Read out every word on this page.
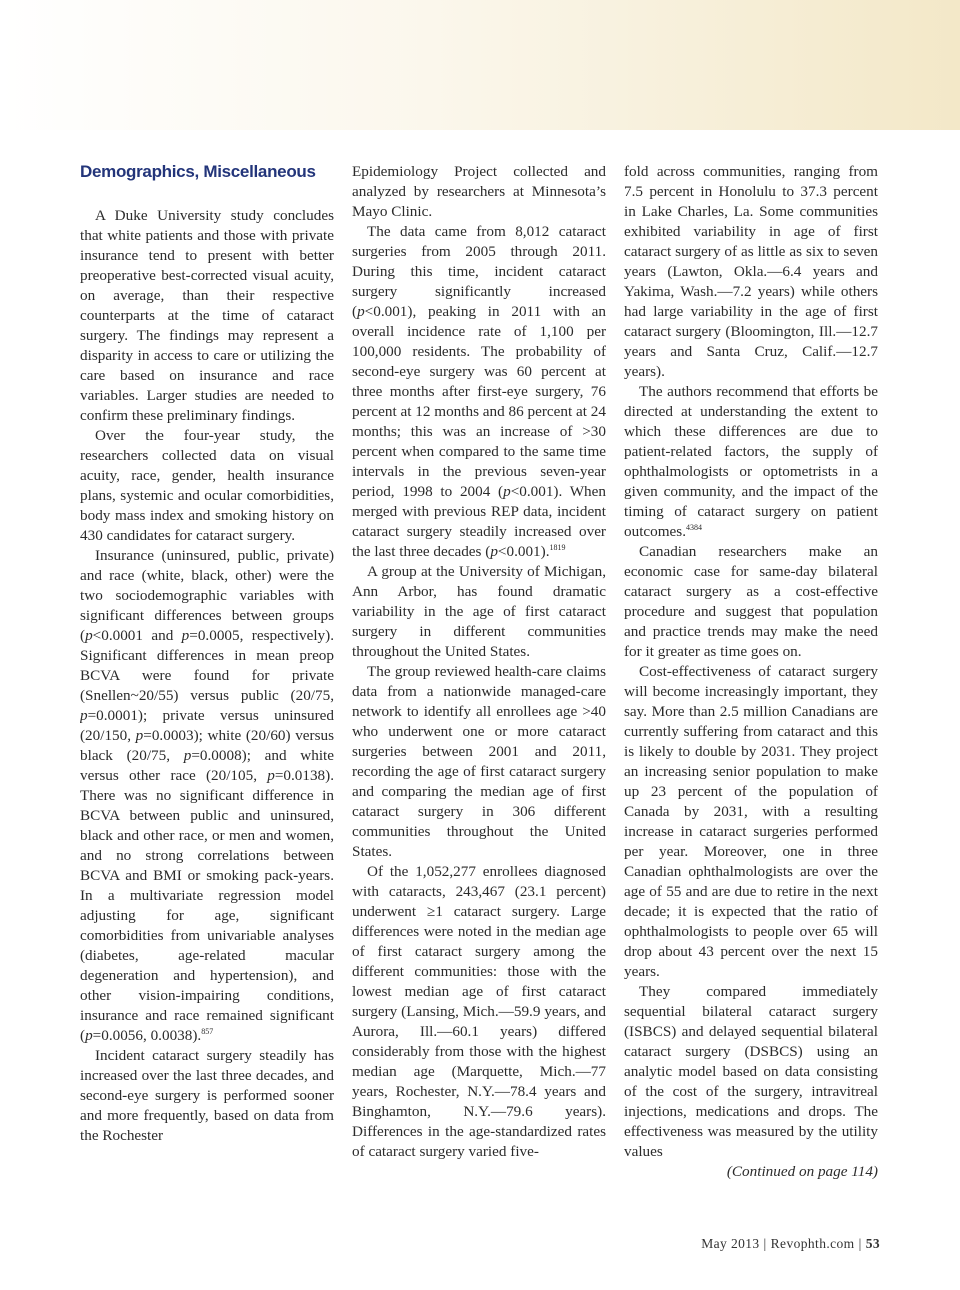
Demographics, Miscellaneous

A Duke University study concludes that white patients and those with private insurance tend to present with better preoperative best-corrected visual acuity, on average, than their respective counterparts at the time of cataract surgery. The findings may represent a disparity in access to care or utilizing the care based on insurance and race variables. Larger studies are needed to confirm these preliminary findings.

Over the four-year study, the researchers collected data on visual acuity, race, gender, health insurance plans, systemic and ocular comorbidities, body mass index and smoking history on 430 candidates for cataract surgery.

Insurance (uninsured, public, private) and race (white, black, other) were the two sociodemographic variables with significant differences between groups (p<0.0001 and p=0.0005, respectively). Significant differences in mean preop BCVA were found for private (Snellen~20/55) versus public (20/75, p=0.0001); private versus uninsured (20/150, p=0.0003); white (20/60) versus black (20/75, p=0.0008); and white versus other race (20/105, p=0.0138). There was no significant difference in BCVA between public and uninsured, black and other race, or men and women, and no strong correlations between BCVA and BMI or smoking pack-years. In a multivariate regression model adjusting for age, significant comorbidities from univariable analyses (diabetes, age-related macular degeneration and hypertension), and other vision-impairing conditions, insurance and race remained significant (p=0.0056, 0.0038).$^{857}$

Incident cataract surgery steadily has increased over the last three decades, and second-eye surgery is performed sooner and more frequently, based on data from the Rochester

Epidemiology Project collected and analyzed by researchers at Minnesota’s Mayo Clinic.

The data came from 8,012 cataract surgeries from 2005 through 2011. During this time, incident cataract surgery significantly increased (p<0.001), peaking in 2011 with an overall incidence rate of 1,100 per 100,000 residents. The probability of second-eye surgery was 60 percent at three months after first-eye surgery, 76 percent at 12 months and 86 percent at 24 months; this was an increase of >30 percent when compared to the same time intervals in the previous seven-year period, 1998 to 2004 (p<0.001). When merged with previous REP data, incident cataract surgery steadily increased over the last three decades (p<0.001).$^{1819}$

A group at the University of Michigan, Ann Arbor, has found dramatic variability in the age of first cataract surgery in different communities throughout the United States.

The group reviewed health-care claims data from a nationwide managed-care network to identify all enrollees age >40 who underwent one or more cataract surgeries between 2001 and 2011, recording the age of first cataract surgery and comparing the median age of first cataract surgery in 306 different communities throughout the United States.

Of the 1,052,277 enrollees diagnosed with cataracts, 243,467 (23.1 percent) underwent ≥1 cataract surgery. Large differences were noted in the median age of first cataract surgery among the different communities: those with the lowest median age of first cataract surgery (Lansing, Mich.—59.9 years, and Aurora, Ill.—60.1 years) differed considerably from those with the highest median age (Marquette, Mich.—77 years, Rochester, N.Y.—78.4 years and Binghamton, N.Y.—79.6 years). Differences in the age-standardized rates of cataract surgery varied five-

fold across communities, ranging from 7.5 percent in Honolulu to 37.3 percent in Lake Charles, La. Some communities exhibited variability in age of first cataract surgery of as little as six to seven years (Lawton, Okla.—6.4 years and Yakima, Wash.—7.2 years) while others had large variability in the age of first cataract surgery (Bloomington, Ill.—12.7 years and Santa Cruz, Calif.—12.7 years).

The authors recommend that efforts be directed at understanding the extent to which these differences are due to patient-related factors, the supply of ophthalmologists or optometrists in a given community, and the impact of the timing of cataract surgery on patient outcomes.$^{4384}$

Canadian researchers make an economic case for same-day bilateral cataract surgery as a cost-effective procedure and suggest that population and practice trends may make the need for it greater as time goes on.

Cost-effectiveness of cataract surgery will become increasingly important, they say. More than 2.5 million Canadians are currently suffering from cataract and this is likely to double by 2031. They project an increasing senior population to make up 23 percent of the population of Canada by 2031, with a resulting increase in cataract surgeries performed per year. Moreover, one in three Canadian ophthalmologists are over the age of 55 and are due to retire in the next decade; it is expected that the ratio of ophthalmologists to people over 65 will drop about 43 percent over the next 15 years.

They compared immediately sequential bilateral cataract surgery (ISBCS) and delayed sequential bilateral cataract surgery (DSBCS) using an analytic model based on data consisting of the cost of the surgery, intravitreal injections, medications and drops. The effectiveness was measured by the utility values

(Continued on page 114)

May 2013 | Revophth.com | 53
